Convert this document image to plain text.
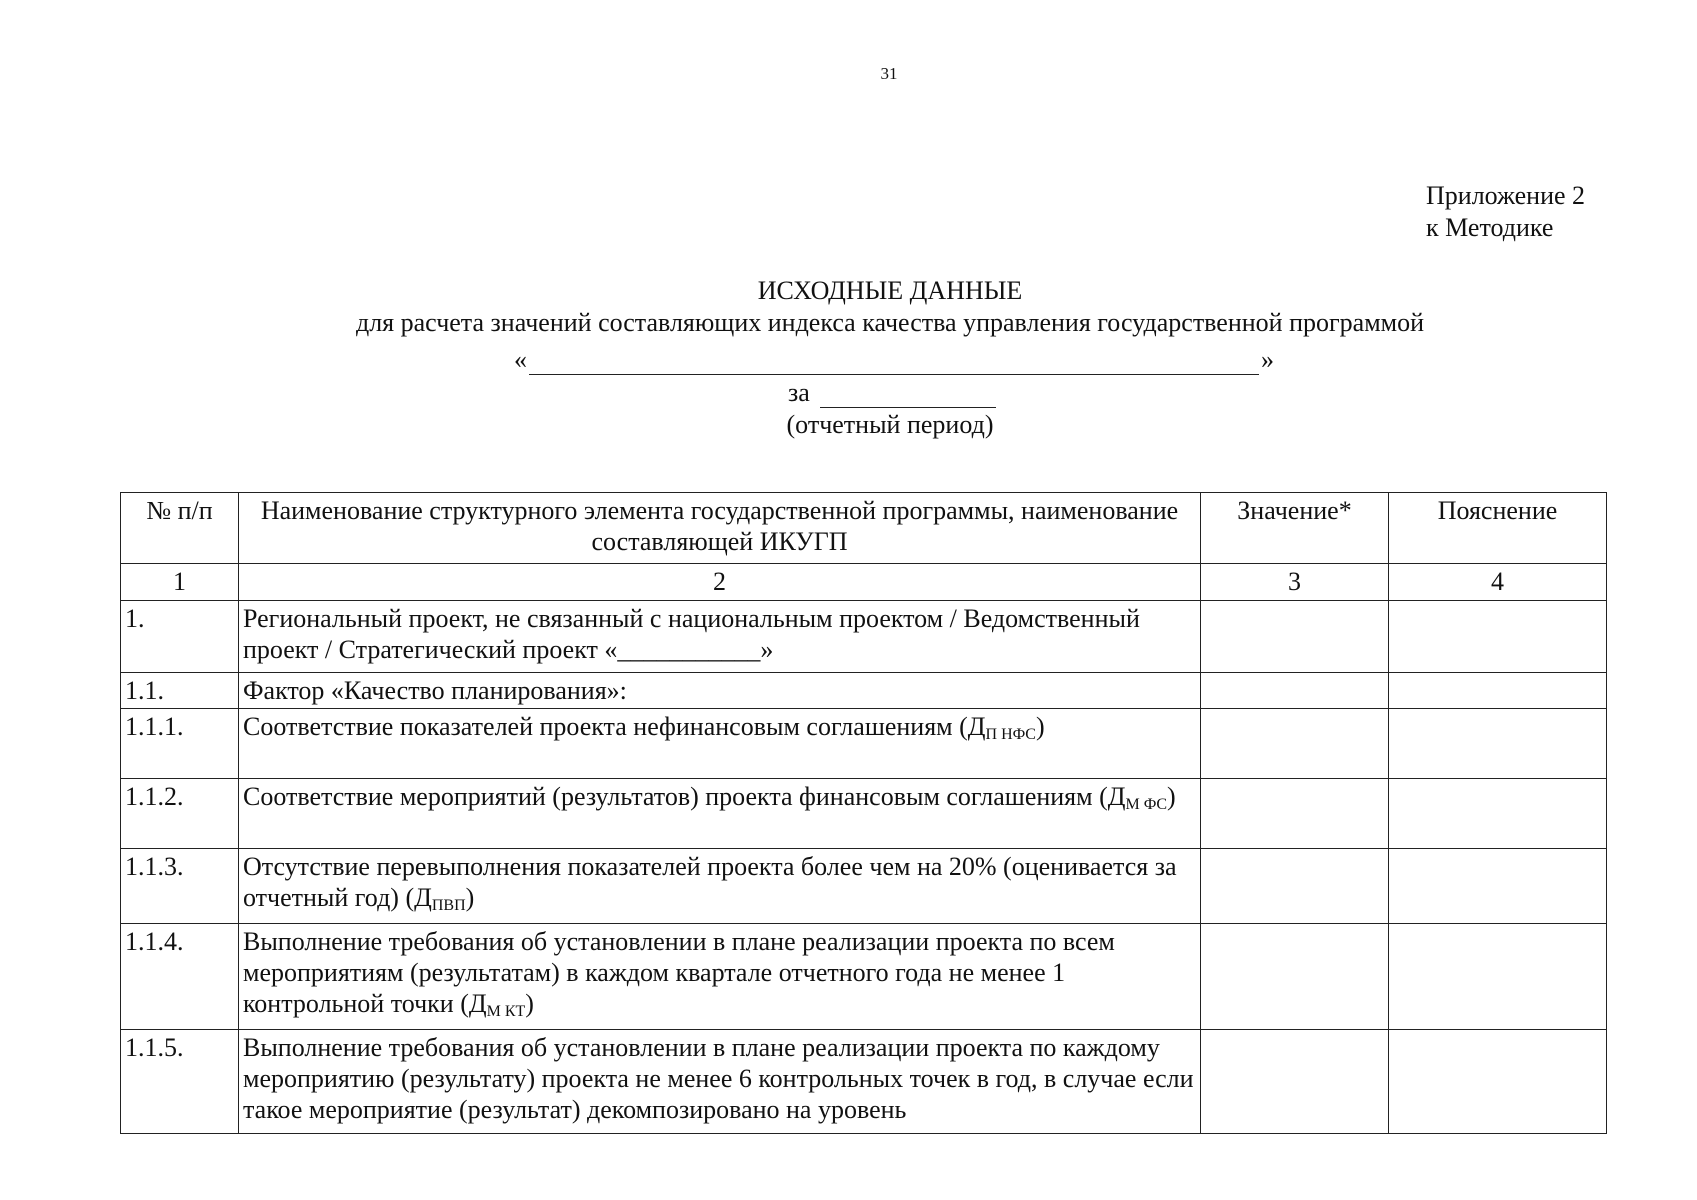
31
Приложение 2
к Методике
ИСХОДНЫЕ ДАННЫЕ
для расчета значений составляющих индекса качества управления государственной программой
«	»
за
(отчетный период)
№ п/п	Наименование структурного элемента государственной программы, наименование составляющей ИКУГП	Значение*	Пояснение
1	2	3	4
1.	Региональный проект, не связанный с национальным проектом / Ведомственный проект / Стратегический проект «___________»		
1.1.	Фактор «Качество планирования»:		
1.1.1.	Соответствие показателей проекта нефинансовым соглашениям $(Д_{П НФС})$		
1.1.2.	Соответствие мероприятий (результатов) проекта финансовым соглашениям $(Д_{М ФС})$		
1.1.3.	Отсутствие перевыполнения показателей проекта более чем на 20% (оценивается за отчетный год) $(Д_{ПВП})$		
1.1.4.	Выполнение требования об установлении в плане реализации проекта по всем мероприятиям (результатам) в каждом квартале отчетного года не менее 1 контрольной точки $(Д_{М КТ})$		
1.1.5.	Выполнение требования об установлении в плане реализации проекта по каждому мероприятию (результату) проекта не менее 6 контрольных точек в год, в случае если такое мероприятие (результат) декомпозировано на уровень		
